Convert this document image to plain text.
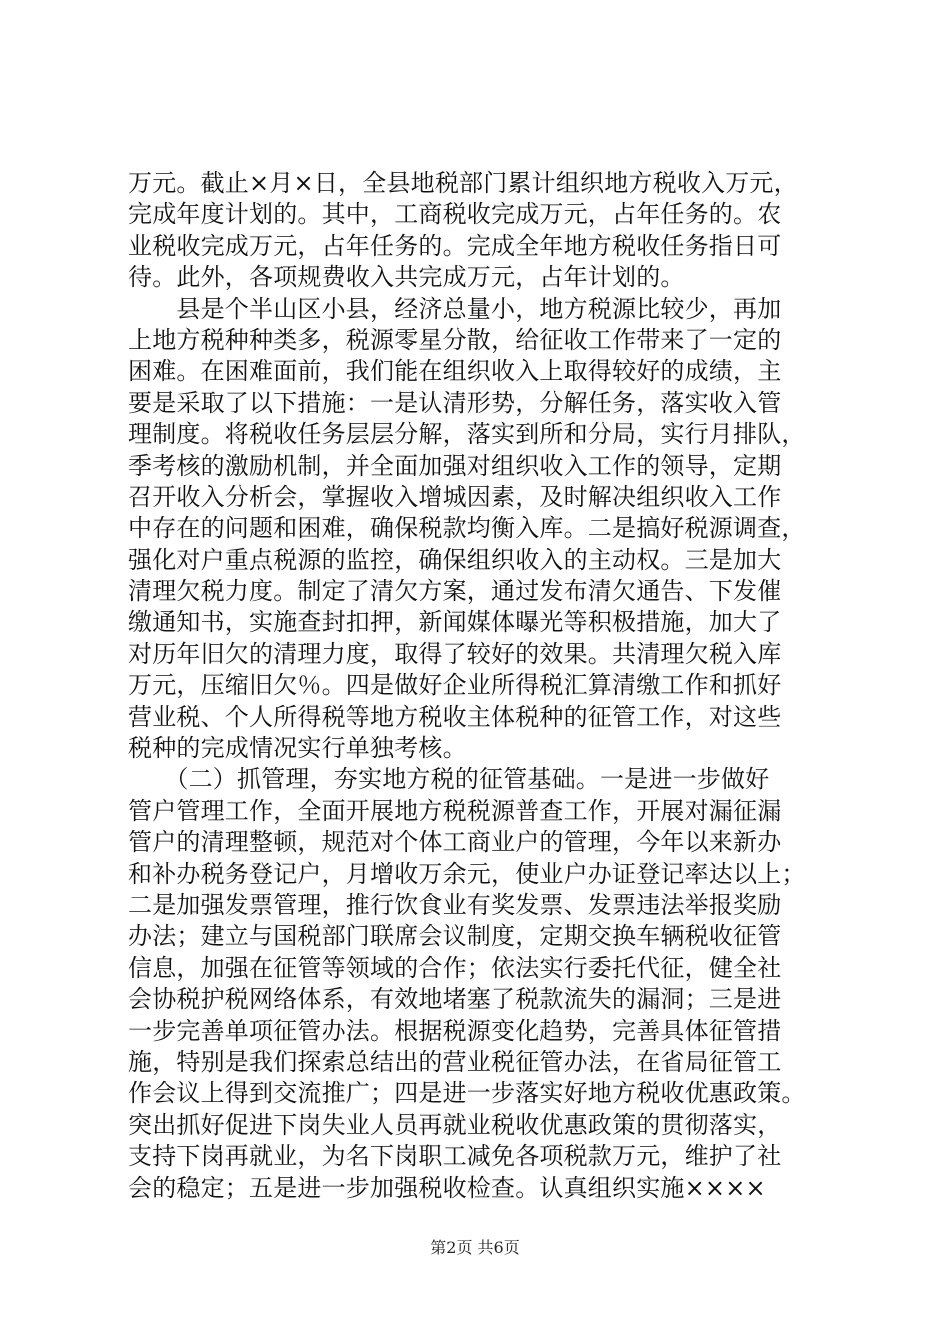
万元。截止×月×日，全县地税部门累计组织地方税收入万元，
完成年度计划的。其中，工商税收完成万元，占年任务的。农
业税收完成万元，占年任务的。完成全年地方税收任务指日可
待。此外，各项规费收入共完成万元，占年计划的。
　　县是个半山区小县，经济总量小，地方税源比较少，再加
上地方税种种类多，税源零星分散，给征收工作带来了一定的
困难。在困难面前，我们能在组织收入上取得较好的成绩，主
要是采取了以下措施：一是认清形势，分解任务，落实收入管
理制度。将税收任务层层分解，落实到所和分局，实行月排队，
季考核的激励机制，并全面加强对组织收入工作的领导，定期
召开收入分析会，掌握收入增城因素，及时解决组织收入工作
中存在的问题和困难，确保税款均衡入库。二是搞好税源调查，
强化对户重点税源的监控，确保组织收入的主动权。三是加大
清理欠税力度。制定了清欠方案，通过发布清欠通告、下发催
缴通知书，实施查封扣押，新闻媒体曝光等积极措施，加大了
对历年旧欠的清理力度，取得了较好的效果。共清理欠税入库
万元，压缩旧欠％。四是做好企业所得税汇算清缴工作和抓好
营业税、个人所得税等地方税收主体税种的征管工作，对这些
税种的完成情况实行单独考核。
　　（二）抓管理，夯实地方税的征管基础。一是进一步做好
管户管理工作，全面开展地方税税源普查工作，开展对漏征漏
管户的清理整顿，规范对个体工商业户的管理，今年以来新办
和补办税务登记户，月增收万余元，使业户办证登记率达以上；
二是加强发票管理，推行饮食业有奖发票、发票违法举报奖励
办法；建立与国税部门联席会议制度，定期交换车辆税收征管
信息，加强在征管等领域的合作；依法实行委托代征，健全社
会协税护税网络体系，有效地堵塞了税款流失的漏洞；三是进
一步完善单项征管办法。根据税源变化趋势，完善具体征管措
施，特别是我们探索总结出的营业税征管办法，在省局征管工
作会议上得到交流推广；四是进一步落实好地方税收优惠政策。
突出抓好促进下岗失业人员再就业税收优惠政策的贯彻落实，
支持下岗再就业，为名下岗职工减免各项税款万元，维护了社
会的稳定；五是进一步加强税收检查。认真组织实施××××
第2页 共6页
